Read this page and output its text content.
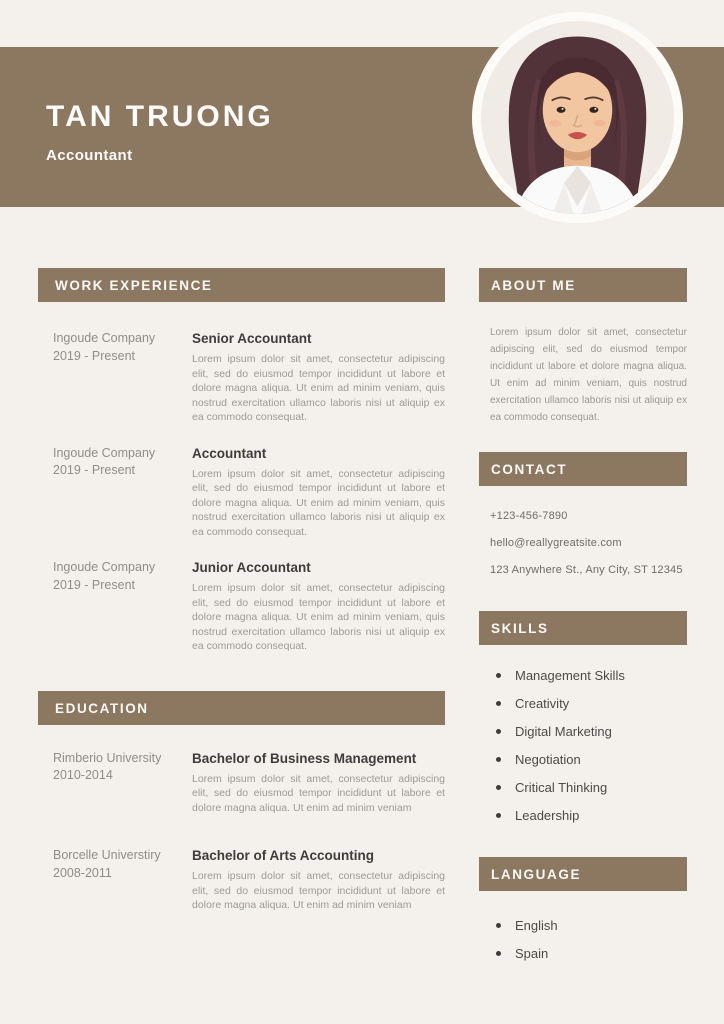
TAN TRUONG
Accountant
WORK EXPERIENCE
Ingoude Company
2019 - Present

Senior Accountant

Lorem ipsum dolor sit amet, consectetur adipiscing elit, sed do eiusmod tempor incididunt ut labore et dolore magna aliqua. Ut enim ad minim veniam, quis nostrud exercitation ullamco laboris nisi ut aliquip ex ea commodo consequat.

Ingoude Company
2019 - Present

Accountant

Lorem ipsum dolor sit amet, consectetur adipiscing elit, sed do eiusmod tempor incididunt ut labore et dolore magna aliqua. Ut enim ad minim veniam, quis nostrud exercitation ullamco laboris nisi ut aliquip ex ea commodo consequat.

Ingoude Company
2019 - Present

Junior Accountant

Lorem ipsum dolor sit amet, consectetur adipiscing elit, sed do eiusmod tempor incididunt ut labore et dolore magna aliqua. Ut enim ad minim veniam, quis nostrud exercitation ullamco laboris nisi ut aliquip ex ea commodo consequat.

EDUCATION
Rimberio University
2010-2014

Bachelor of Business Management

Lorem ipsum dolor sit amet, consectetur adipiscing elit, sed do eiusmod tempor incididunt ut labore et dolore magna aliqua. Ut enim ad minim veniam

Borcelle Universtiry
2008-2011

Bachelor of Arts Accounting

Lorem ipsum dolor sit amet, consectetur adipiscing elit, sed do eiusmod tempor incididunt ut labore et dolore magna aliqua. Ut enim ad minim veniam

ABOUT ME

Lorem ipsum dolor sit amet, consectetur adipiscing elit, sed do eiusmod tempor incididunt ut labore et dolore magna aliqua. Ut enim ad minim veniam, quis nostrud exercitation ullamco laboris nisi ut aliquip ex ea commodo consequat.

CONTACT
+123-456-7890
hello@reallygreatsite.com
123 Anywhere St., Any City, ST 12345
SKILLS
Management Skills
Creativity
Digital Marketing
Negotiation
Critical Thinking
Leadership
LANGUAGE
English
Spain
